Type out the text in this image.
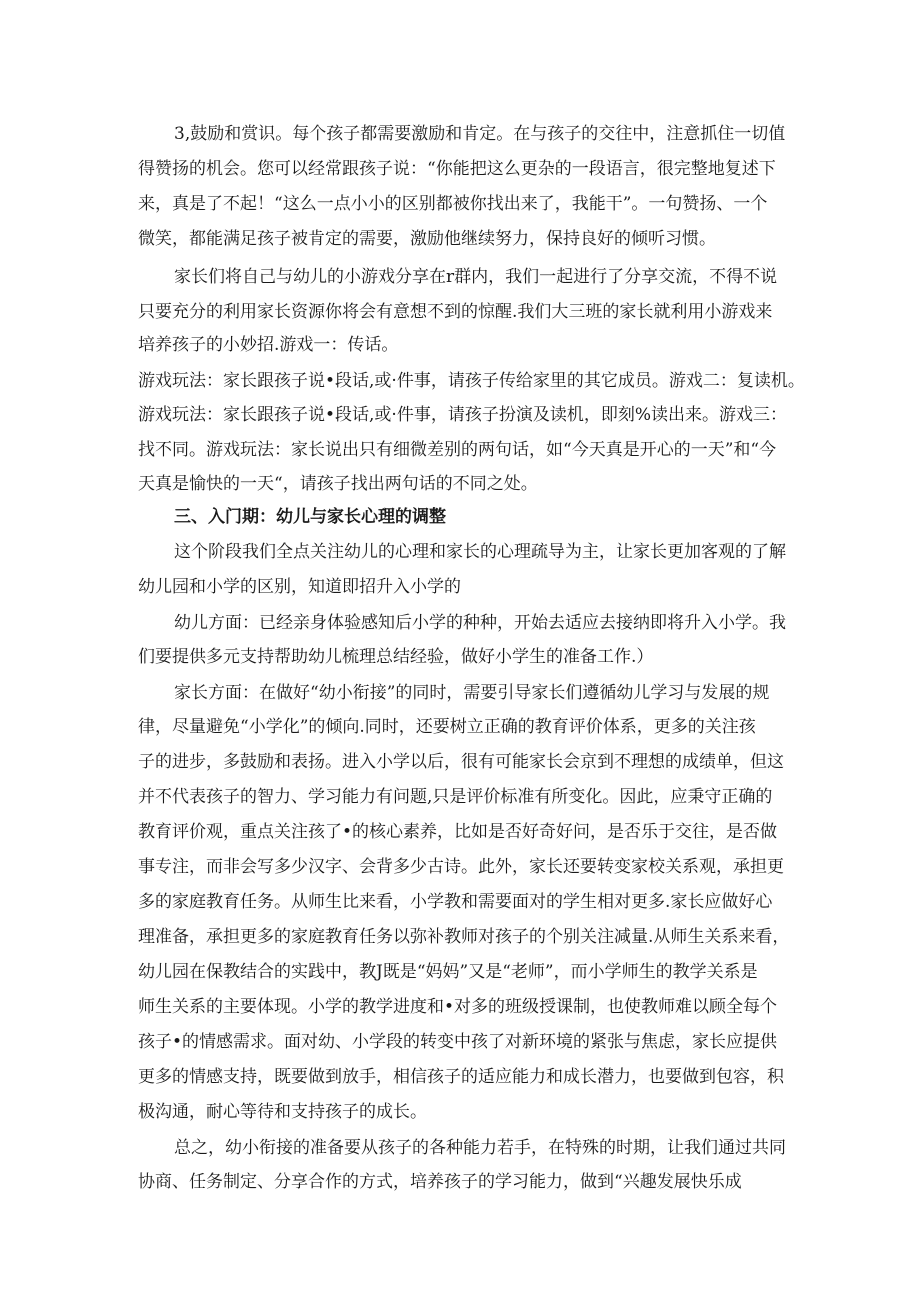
3,鼓励和赏识。每个孩子都需要激励和肯定。在与孩子的交往中，注意抓住一切值

得赞扬的机会。您可以经常跟孩子说：“你能把这么更杂的一段语言，很完整地复述下

来，真是了不起！“这么一点小小的区别都被你找出来了，我能干”。一句赞扬、一个

微笑，都能满足孩子被肯定的需要，激励他继续努力，保持良好的倾听习惯。

家长们将自己与幼儿的小游戏分享在r群内，我们一起进行了分享交流，不得不说

只要充分的利用家长资源你将会有意想不到的惊醒.我们大三班的家长就利用小游戏来

培养孩子的小妙招.游戏一：传话。

游戏玩法：家长跟孩子说•段话,或·件事，请孩子传给家里的其它成员。游戏二：复读机。

游戏玩法：家长跟孩子说•段话,或·件事，请孩子扮演及读机，即刻%读出来。游戏三：

找不同。游戏玩法：家长说出只有细微差别的两句话，如“今天真是开心的一天”和“今

天真是愉快的一天“，请孩子找出两句话的不同之处。

三、入门期：幼儿与家长心理的调整

这个阶段我们全点关注幼儿的心理和家长的心理疏导为主，让家长更加客观的了解

幼儿园和小学的区别，知道即招升入小学的

幼儿方面：已经亲身体验感知后小学的种种，开始去适应去接纳即将升入小学。我

们要提供多元支持帮助幼儿梳理总结经验，做好小学生的准备工作.）

家长方面：在做好“幼小衔接”的同时，需要引导家长们遵循幼儿学习与发展的规

律，尽量避免“小学化”的倾向.同时，还要树立正确的教育评价体系，更多的关注孩

子的进步，多鼓励和表扬。进入小学以后，很有可能家长会京到不理想的成绩单，但这

并不代表孩子的智力、学习能力有问题,只是评价标准有所变化。因此，应秉守正确的

教育评价观，重点关注孩了•的核心素养，比如是否好奇好问，是否乐于交往，是否做

事专注，而非会写多少汉字、会背多少古诗。此外，家长还要转变家校关系观，承担更

多的家庭教育任务。从师生比来看，小学教和需要面对的学生相对更多.家长应做好心

理准备，承担更多的家庭教育任务以弥补教师对孩子的个别关注减量.从师生关系来看，

幼儿园在保教结合的实践中，教J既是“妈妈”又是“老师”，而小学师生的教学关系是

师生关系的主要体现。小学的教学进度和•对多的班级授课制，也使教师难以顾全每个

孩子•的情感需求。面对幼、小学段的转变中孩了对新环境的紧张与焦虑，家长应提供

更多的情感支持，既要做到放手，相信孩子的适应能力和成长潜力，也要做到包容，积

极沟通，耐心等待和支持孩子的成长。

总之，幼小衔接的准备要从孩子的各种能力若手，在特殊的时期，让我们通过共同

协商、任务制定、分享合作的方式，培养孩子的学习能力，做到“兴趣发展快乐成
